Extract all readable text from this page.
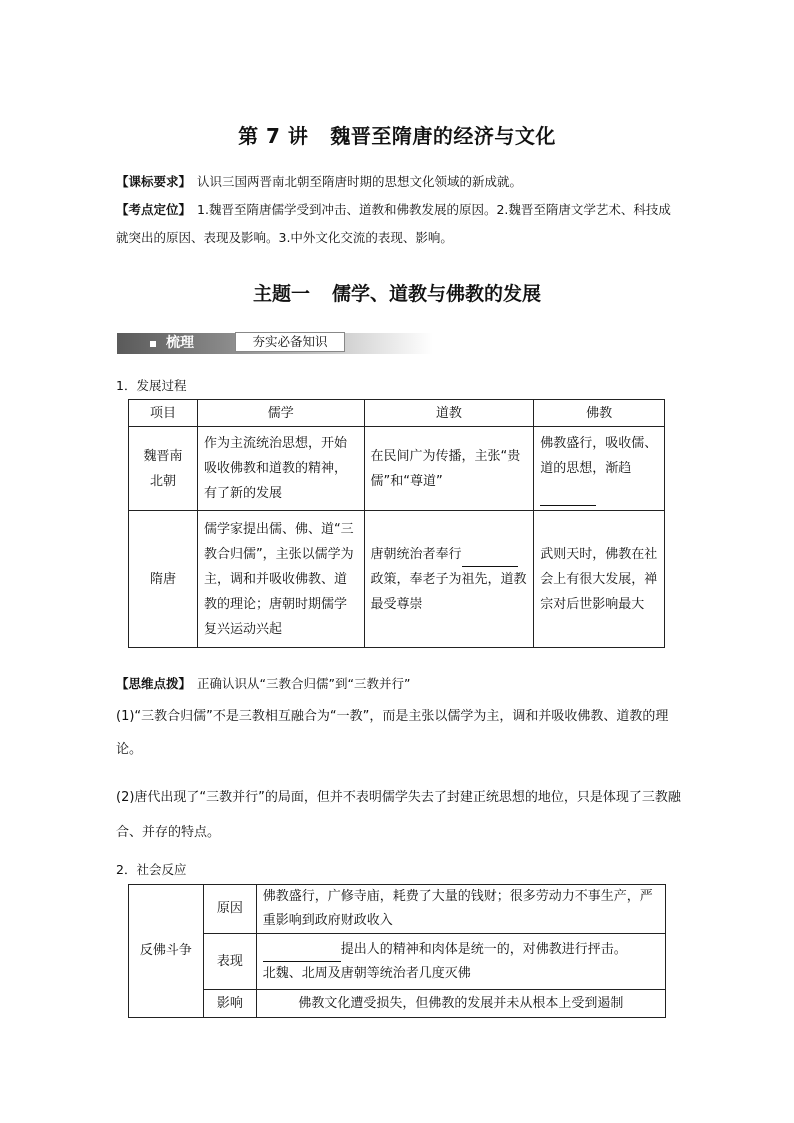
第 7 讲 魏晋至隋唐的经济与文化

【课标要求】 认识三国两晋南北朝至隋唐时期的思想文化领域的新成就。

【考点定位】 1.魏晋至隋唐儒学受到冲击、道教和佛教发展的原因。2.魏晋至隋唐文学艺术、科技成就突出的原因、表现及影响。3.中外文化交流的表现、影响。

主题一 儒学、道教与佛教的发展
梳理	夯实必备知识
1．发展过程
项目	儒学	道教	佛教
魏晋南北朝	作为主流统治思想，开始吸收佛教和道教的精神，有了新的发展	在民间广为传播，主张“贵儒”和“尊道”	佛教盛行，吸收儒、道的思想，渐趋

隋唐	儒学家提出儒、佛、道“三教合归儒”，主张以儒学为主，调和并吸收佛教、道教的理论；唐朝时期儒学复兴运动兴起	唐朝统治者奉行政策，奉老子为祖先，道教最受尊崇	武则天时，佛教在社会上有很大发展，禅宗对后世影响最大
【思维点拨】 正确认识从“三教合归儒”到“三教并行”

(1)“三教合归儒”不是三教相互融合为“一教”，而是主张以儒学为主，调和并吸收佛教、道教的理论。

(2)唐代出现了“三教并行”的局面，但并不表明儒学失去了封建正统思想的地位，只是体现了三教融合、并存的特点。

2．社会反应
反佛斗争	原因	佛教盛行，广修寺庙，耗费了大量的钱财；很多劳动力不事生产，严重影响到政府财政收入
	表现	提出人的精神和肉体是统一的，对佛教进行抨击。
北魏、北周及唐朝等统治者几度灭佛
	影响	佛教文化遭受损失，但佛教的发展并未从根本上受到遏制
